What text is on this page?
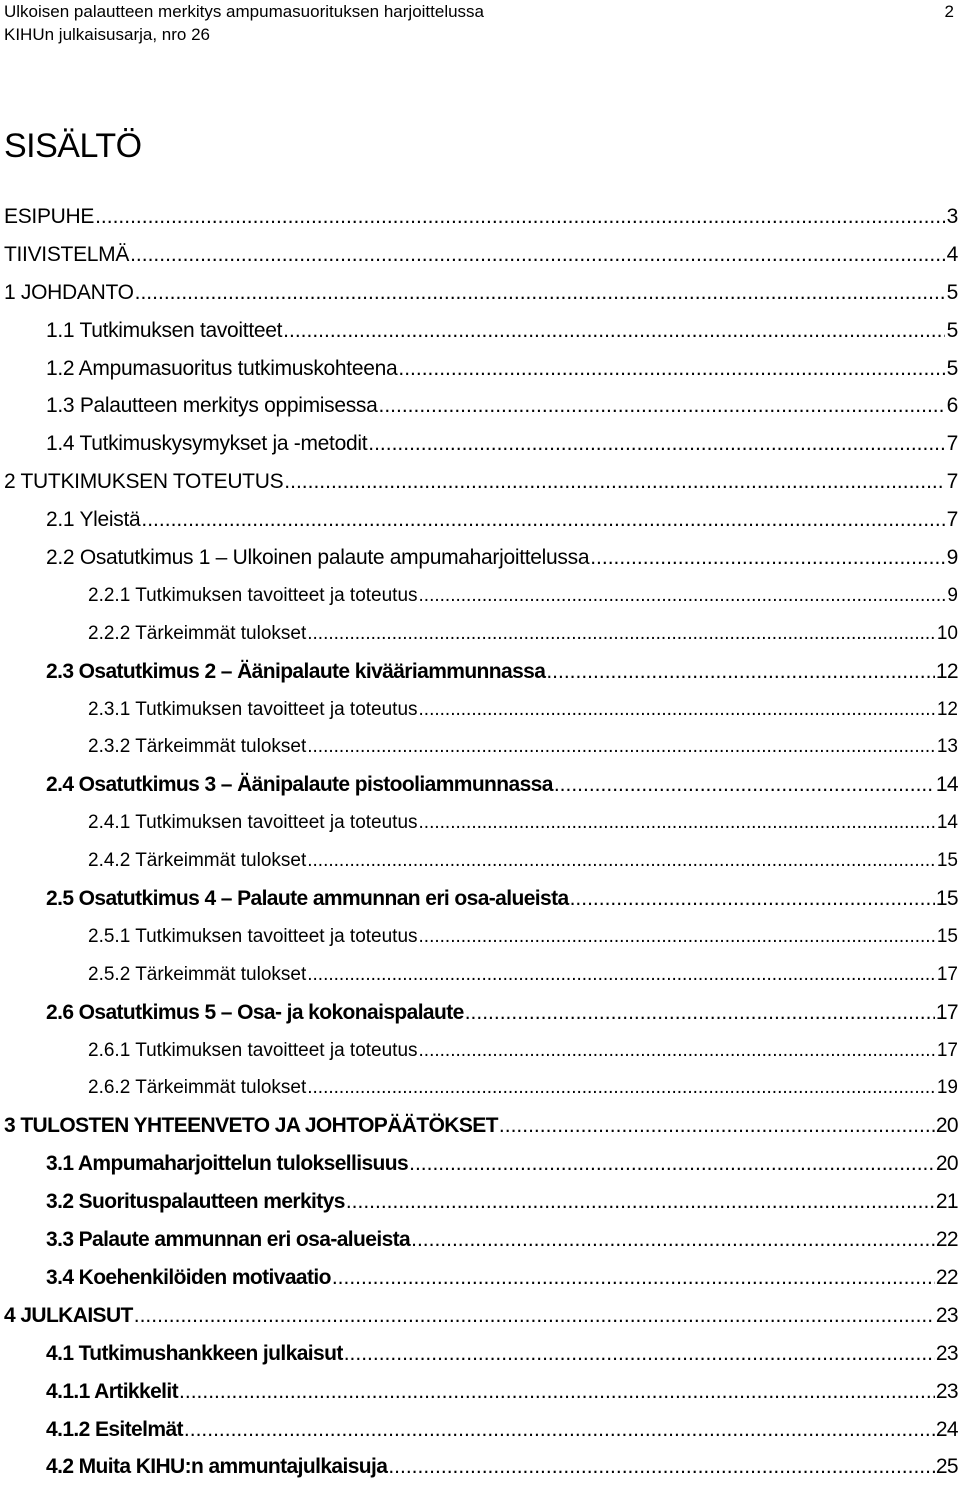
Ulkoisen palautteen merkitys ampumasuorituksen harjoittelussa
KIHUn julkaisusarja, nro 26
2
SISÄLTÖ
ESIPUHE .....	3
TIIVISTELMÄ .....	4
1 JOHDANTO .....	5
1.1 Tutkimuksen tavoitteet .....	5
1.2 Ampumasuoritus tutkimuskohteena .....	5
1.3 Palautteen merkitys oppimisessa .....	6
1.4 Tutkimuskysymykset ja -metodit .....	7
2 TUTKIMUKSEN TOTEUTUS .....	7
2.1 Yleistä .....	7
2.2 Osatutkimus 1 – Ulkoinen palaute ampumaharjoittelussa .....	9
2.2.1 Tutkimuksen tavoitteet ja toteutus .....	9
2.2.2 Tärkeimmät tulokset .....	10
2.3 Osatutkimus 2 – Äänipalaute kivääriammunnassa .....	12
2.3.1 Tutkimuksen tavoitteet ja toteutus .....	12
2.3.2 Tärkeimmät tulokset .....	13
2.4 Osatutkimus 3 – Äänipalaute pistooliammunnassa .....	14
2.4.1 Tutkimuksen tavoitteet ja toteutus .....	14
2.4.2 Tärkeimmät tulokset .....	15
2.5 Osatutkimus 4 – Palaute ammunnan eri osa-alueista .....	15
2.5.1 Tutkimuksen tavoitteet ja toteutus .....	15
2.5.2 Tärkeimmät tulokset .....	17
2.6 Osatutkimus 5 – Osa- ja kokonaispalaute .....	17
2.6.1 Tutkimuksen tavoitteet ja toteutus .....	17
2.6.2 Tärkeimmät tulokset .....	19
3 TULOSTEN YHTEENVETO JA JOHTOPÄÄTÖKSET .....	20
3.1 Ampumaharjoittelun tuloksellisuus .....	20
3.2 Suorituspalautteen merkitys .....	21
3.3 Palaute ammunnan eri osa-alueista .....	22
3.4 Koehenkilöiden motivaatio .....	22
4 JULKAISUT .....	23
4.1 Tutkimushankkeen julkaisut .....	23
4.1.1 Artikkelit .....	23
4.1.2 Esitelmät .....	24
4.2 Muita KIHU:n ammuntajulkaisuja .....	25
